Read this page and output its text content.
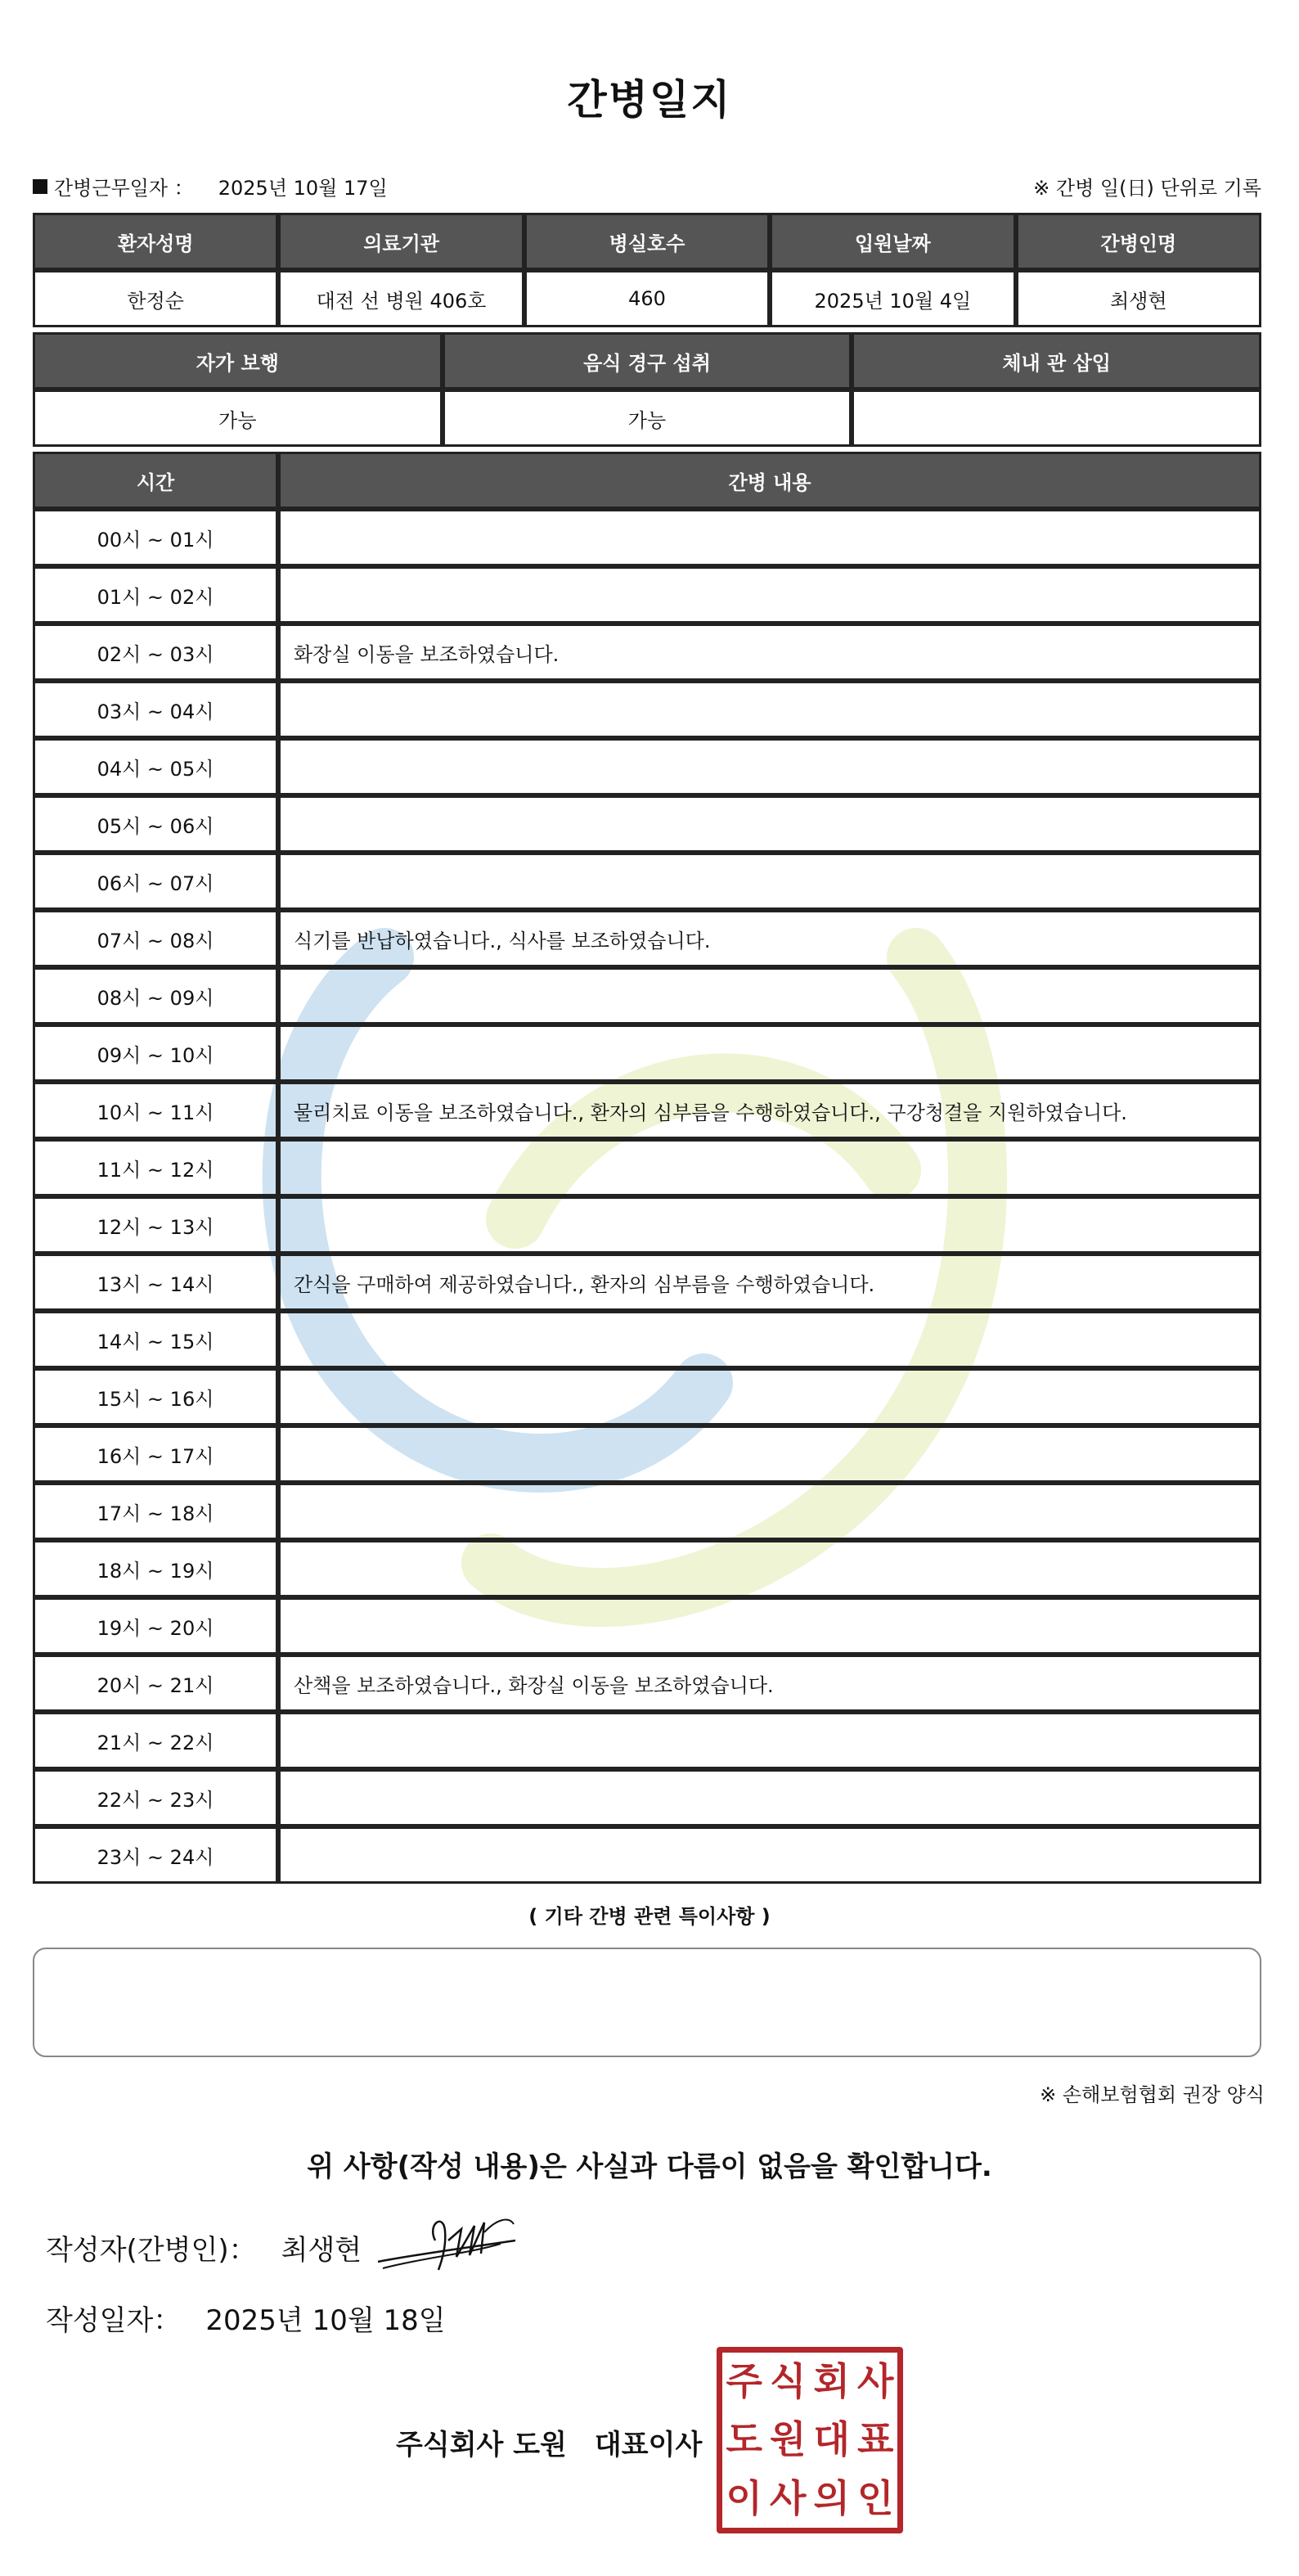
간병일지
간병근무일자 ： 2025년 10월 17일	※ 간병 일(日) 단위로 기록
환자성명	의료기관	병실호수	입원날짜	간병인명
한정순	대전 선 병원 406호	460	2025년 10월 4일	최생현
자가 보행	음식 경구 섭취	체내 관 삽입
가능	가능	
시간	간병 내용
00시 ~ 01시	
01시 ~ 02시	
02시 ~ 03시	화장실 이동을 보조하였습니다.
03시 ~ 04시	
04시 ~ 05시	
05시 ~ 06시	
06시 ~ 07시	
07시 ~ 08시	식기를 반납하였습니다., 식사를 보조하였습니다.
08시 ~ 09시	
09시 ~ 10시	
10시 ~ 11시	물리치료 이동을 보조하였습니다., 환자의 심부름을 수행하였습니다., 구강청결을 지원하였습니다.
11시 ~ 12시	
12시 ~ 13시	
13시 ~ 14시	간식을 구매하여 제공하였습니다., 환자의 심부름을 수행하였습니다.
14시 ~ 15시	
15시 ~ 16시	
16시 ~ 17시	
17시 ~ 18시	
18시 ~ 19시	
19시 ~ 20시	
20시 ~ 21시	산책을 보조하였습니다., 화장실 이동을 보조하였습니다.
21시 ~ 22시	
22시 ~ 23시	
23시 ~ 24시	
( 기타 간병 관련 특이사항 )
※ 손해보험협회 권장 양식
위 사항(작성 내용)은 사실과 다름이 없음을 확인합니다.
작성자(간병인)： 최생현
작성일자： 2025년 10월 18일
주식회사 도원 대표이사
주 식 회 사
도 원 대 표
이 사 의 인
